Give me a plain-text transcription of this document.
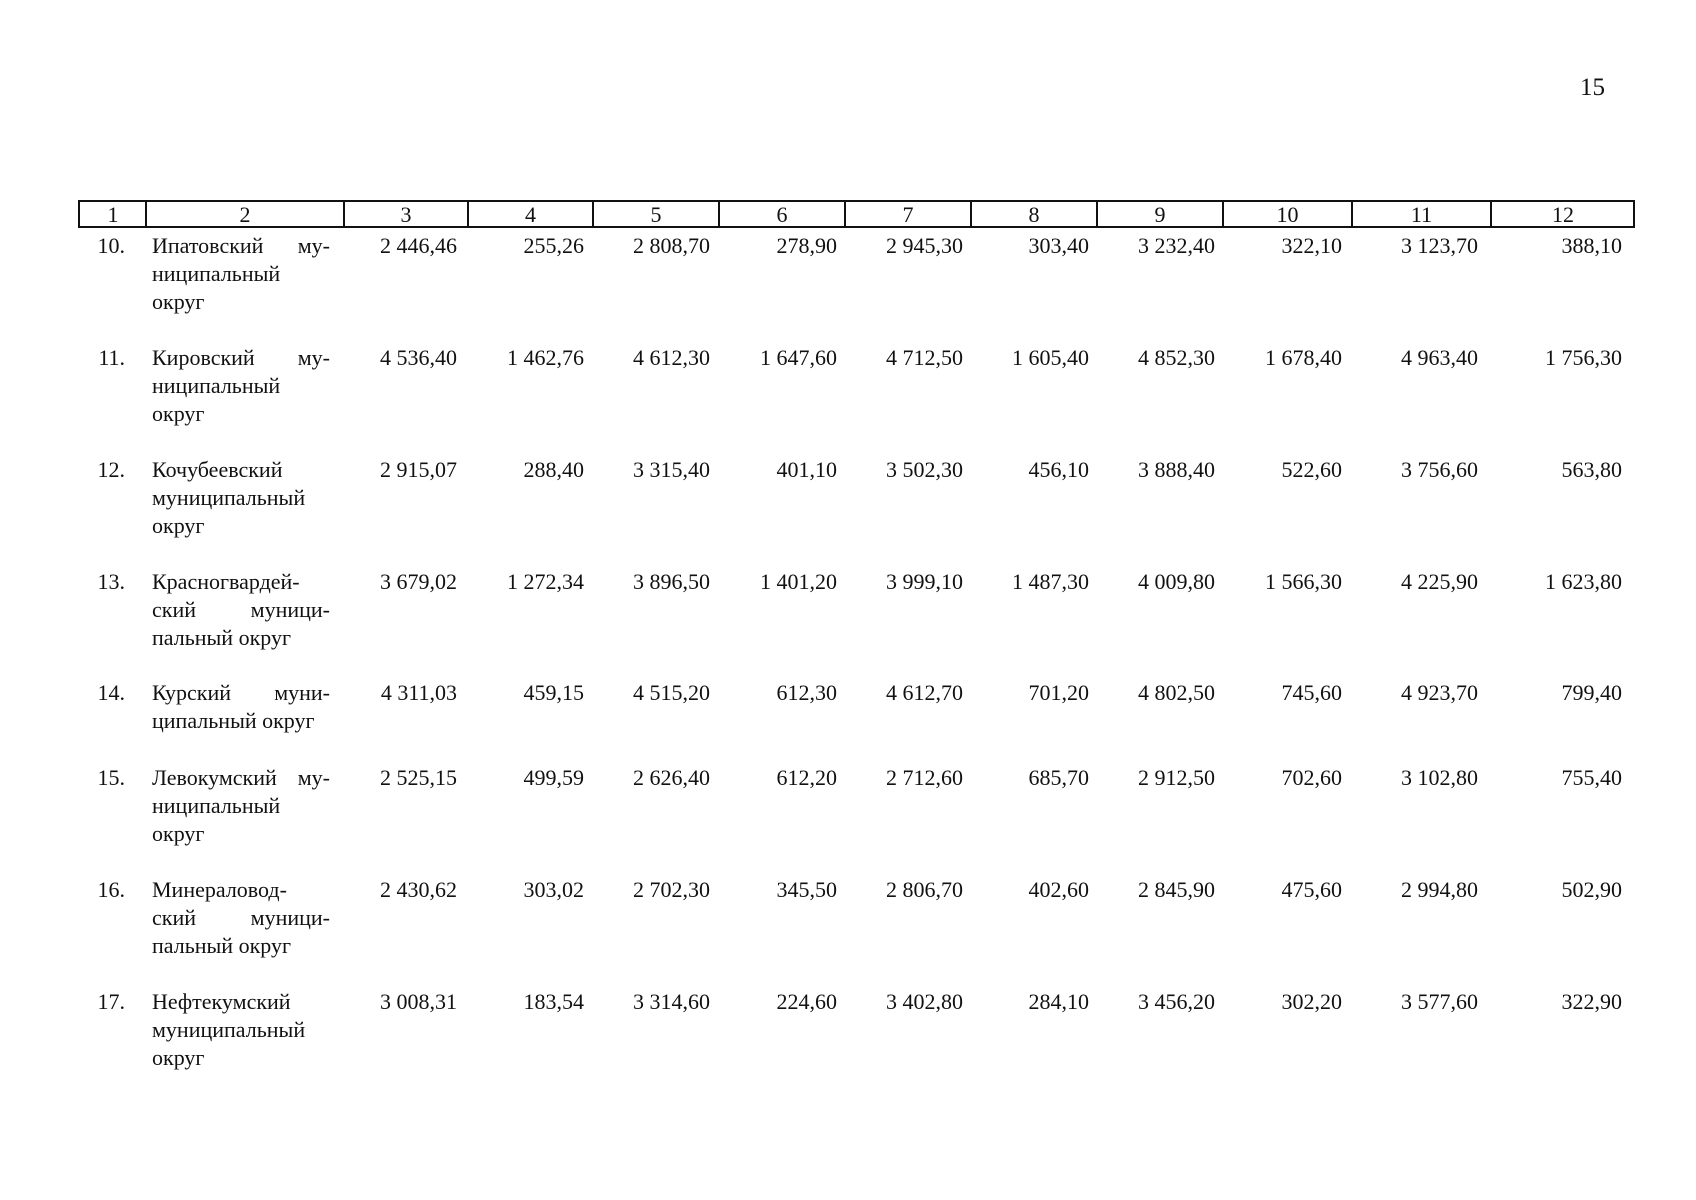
15
1	2	3	4	5	6	7	8	9	10	11	12
10. Ипатовский му-
ниципальный
округ
2 446,46	255,26	2 808,70	278,90	2 945,30	303,40	3 232,40	322,10	3 123,70	388,10
11. Кировский му-
ниципальный
округ
4 536,40	1 462,76	4 612,30	1 647,60	4 712,50	1 605,40	4 852,30	1 678,40	4 963,40	1 756,30
12. Кочубеевский
муниципальный
округ
2 915,07	288,40	3 315,40	401,10	3 502,30	456,10	3 888,40	522,60	3 756,60	563,80
13. Красногвардей-
ский муници-
пальный округ
3 679,02	1 272,34	3 896,50	1 401,20	3 999,10	1 487,30	4 009,80	1 566,30	4 225,90	1 623,80
14. Курский муни-
ципальный округ
4 311,03	459,15	4 515,20	612,30	4 612,70	701,20	4 802,50	745,60	4 923,70	799,40
15. Левокумский му-
ниципальный
округ
2 525,15	499,59	2 626,40	612,20	2 712,60	685,70	2 912,50	702,60	3 102,80	755,40
16. Минераловод-
ский муници-
пальный округ
2 430,62	303,02	2 702,30	345,50	2 806,70	402,60	2 845,90	475,60	2 994,80	502,90
17. Нефтекумский
муниципальный
округ
3 008,31	183,54	3 314,60	224,60	3 402,80	284,10	3 456,20	302,20	3 577,60	322,90
